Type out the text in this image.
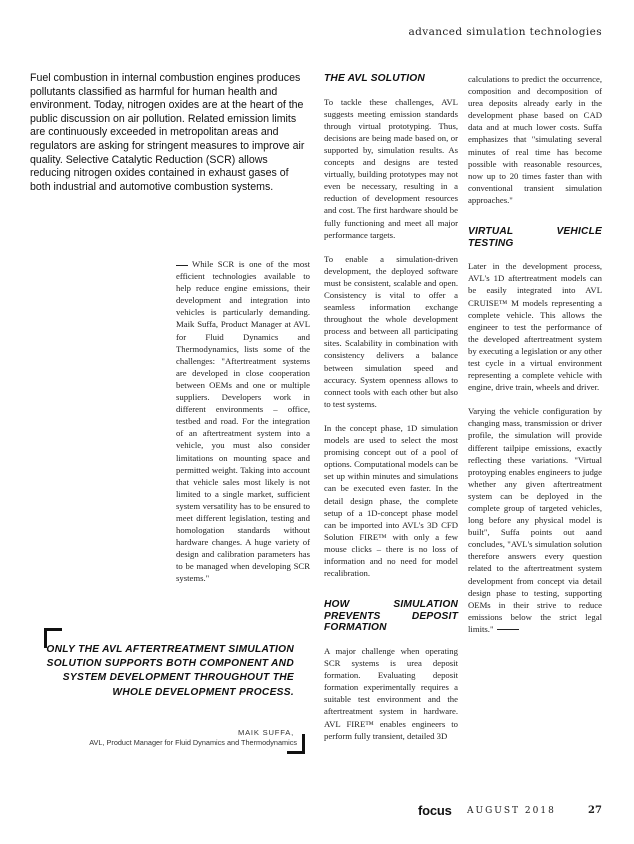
advanced simulation technologies

Fuel combustion in internal combustion engines produces pollutants classified as harmful for human health and environment. Today, nitrogen oxides are at the heart of the public discussion on air pollution. Related emission limits are continuously exceeded in metropolitan areas and regulators are asking for stringent measures to improve air quality. Selective Catalytic Reduction (SCR) allows reducing nitrogen oxides contained in exhaust gases of both industrial and automotive combustion systems.

While SCR is one of the most efficient technologies available to help reduce engine emissions, their development and integration into vehicles is particularly demanding. Maik Suffa, Product Manager at AVL for Fluid Dynamics and Thermodynamics, lists some of the challenges: "Aftertreatment systems are developed in close cooperation between OEMs and one or multiple suppliers. Developers work in different environments – office, testbed and road. For the integration of an aftertreatment system into a vehicle, you must also consider limitations on mounting space and permitted weight. Taking into account that vehicle sales most likely is not limited to a single market, sufficient system versatility has to be ensured to meet different legislation, testing and homologation standards without hardware changes. A huge variety of design and calibration parameters has to be managed when developing SCR systems."

THE AVL SOLUTION

To tackle these challenges, AVL suggests meeting emission standards through virtual prototyping. Thus, decisions are being made based on, or supported by, simulation results. As concepts and designs are tested virtually, building prototypes may not even be necessary, resulting in a reduction of development resources and cost. The first hardware should be fully functioning and meet all major performance targets.

To enable a simulation-driven development, the deployed software must be consistent, scalable and open. Consistency is vital to offer a seamless information exchange throughout the whole development process and between all participating sites. Scalability in combination with consistency delivers a balance between simulation speed and accuracy. System openness allows to connect tools with each other but also to test systems.

In the concept phase, 1D simulation models are used to select the most promising concept out of a pool of options. Computational models can be set up within minutes and simulations can be executed even faster. In the detail design phase, the complete setup of a 1D-concept phase model can be imported into AVL's 3D CFD Solution FIRE™ with only a few mouse clicks – there is no loss of information and no need for model recalibration.

HOW SIMULATION PREVENTS DEPOSIT FORMATION

A major challenge when operating SCR systems is urea deposit formation. Evaluating deposit formation experimentally requires a suitable test environment and the aftertreatment system in hardware. AVL FIRE™ enables engineers to perform fully transient, detailed 3D

calculations to predict the occurrence, composition and decomposition of urea deposits already early in the development phase based on CAD data and at much lower costs. Suffa emphasizes that "simulating several minutes of real time has become possible with reasonable resources, now up to 20 times faster than with conventional transient simulation approaches."

VIRTUAL VEHICLE TESTING

Later in the development process, AVL's 1D aftertreatment models can be easily integrated into AVL CRUISE™ M models representing a complete vehicle. This allows the engineer to test the performance of the developed aftertreatment system by executing a legislation or any other test cycle in a virtual environment representing a complete vehicle with engine, drive train, wheels and driver.

Varying the vehicle configuration by changing mass, transmission or driver profile, the simulation will provide different tailpipe emissions, exactly reflecting these variations. "Virtual protoyping enables engineers to judge whether any given aftertreatment system can be deployed in the complete group of targeted vehicles, long before any physical model is built", Suffa points out aand concludes, "AVL's simulation solution therefore answers every question related to the aftertreatment system development from concept via detail design phase to testing, supporting OEMs in their strive to reduce emissions below the strict legal limits."

ONLY THE AVL AFTERTREATMENT SIMULATION SOLUTION SUPPORTS BOTH COMPONENT AND SYSTEM DEVELOPMENT THROUGHOUT THE WHOLE DEVELOPMENT PROCESS.

MAIK SUFFA,

AVL, Product Manager for Fluid Dynamics and Thermodynamics

focus AUGUST 2018	27
